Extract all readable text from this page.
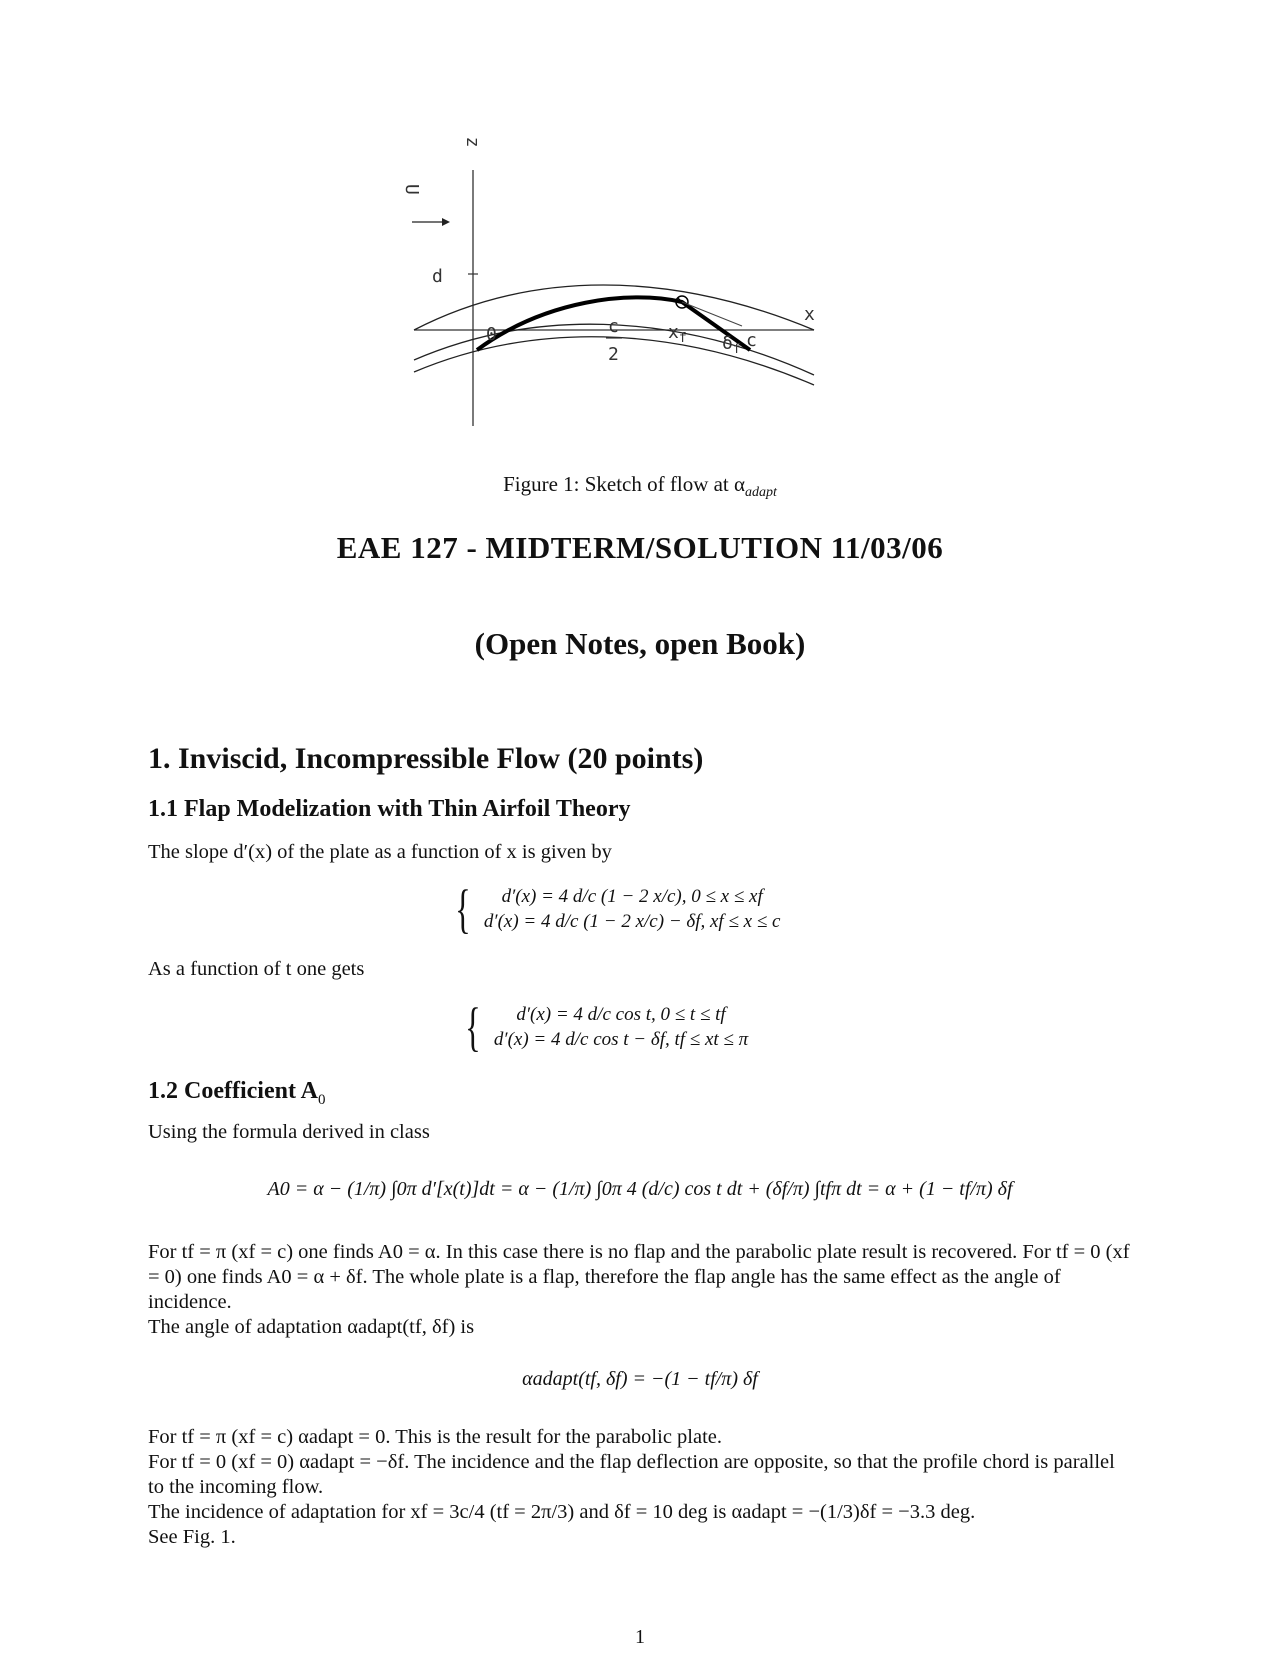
z
U
d
x
0	c
2
$x_f$ $\delta_f$ c
Figure 1: Sketch of flow at $\alpha_{adapt}$
EAE 127 - MIDTERM/SOLUTION 11/03/06
(Open Notes, open Book)
1. Inviscid, Incompressible Flow (20 points)
1.1 Flap Modelization with Thin Airfoil Theory
The slope d′(x) of the plate as a function of x is given by
{	d′(x) = 4 d/c (1 − 2 x/c), 0 ≤ x ≤ xf
d′(x) = 4 d/c (1 − 2 x/c) − δf, xf ≤ x ≤ c
As a function of t one gets
{	d′(x) = 4 d/c cos t, 0 ≤ t ≤ tf
d′(x) = 4 d/c cos t − δf, tf ≤ xt ≤ π
1.2 Coefficient $A_0$
Using the formula derived in class
A0 = α − (1/π) ∫0π d′[x(t)]dt = α − (1/π) ∫0π 4 (d/c) cos t dt + (δf/π) ∫tfπ dt = α + (1 − tf/π) δf
For tf = π (xf = c) one finds A0 = α. In this case there is no flap and the parabolic plate result is recovered. For tf = 0 (xf = 0) one finds A0 = α + δf. The whole plate is a flap, therefore the flap angle has the same effect as the angle of incidence.
The angle of adaptation αadapt(tf, δf) is
αadapt(tf, δf) = −(1 − tf/π) δf
For tf = π (xf = c) αadapt = 0. This is the result for the parabolic plate.
For tf = 0 (xf = 0) αadapt = −δf. The incidence and the flap deflection are opposite, so that the profile chord is parallel to the incoming flow.
The incidence of adaptation for xf = 3c/4 (tf = 2π/3) and δf = 10 deg is αadapt = −(1/3)δf = −3.3 deg.
See Fig. 1.
1
